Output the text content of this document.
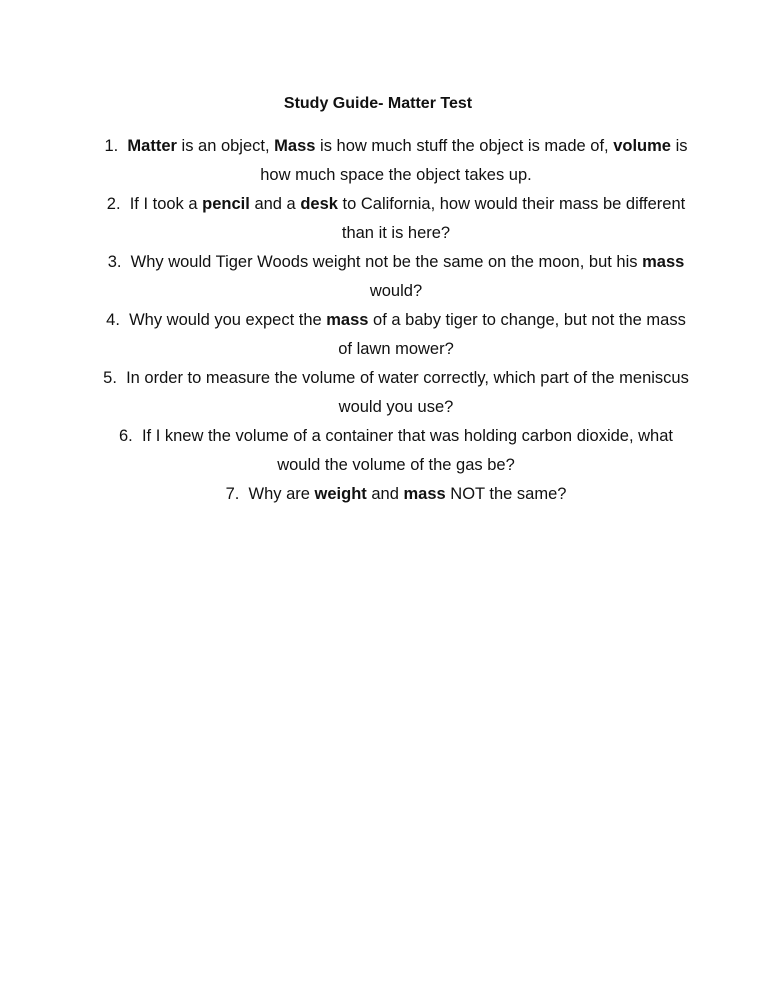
Study Guide- Matter Test
1. Matter is an object, Mass is how much stuff the object is made of, volume is how much space the object takes up.
2. If I took a pencil and a desk to California, how would their mass be different than it is here?
3. Why would Tiger Woods weight not be the same on the moon, but his mass would?
4. Why would you expect the mass of a baby tiger to change, but not the mass of lawn mower?
5. In order to measure the volume of water correctly, which part of the meniscus would you use?
6. If I knew the volume of a container that was holding carbon dioxide, what would the volume of the gas be?
7. Why are weight and mass NOT the same?
